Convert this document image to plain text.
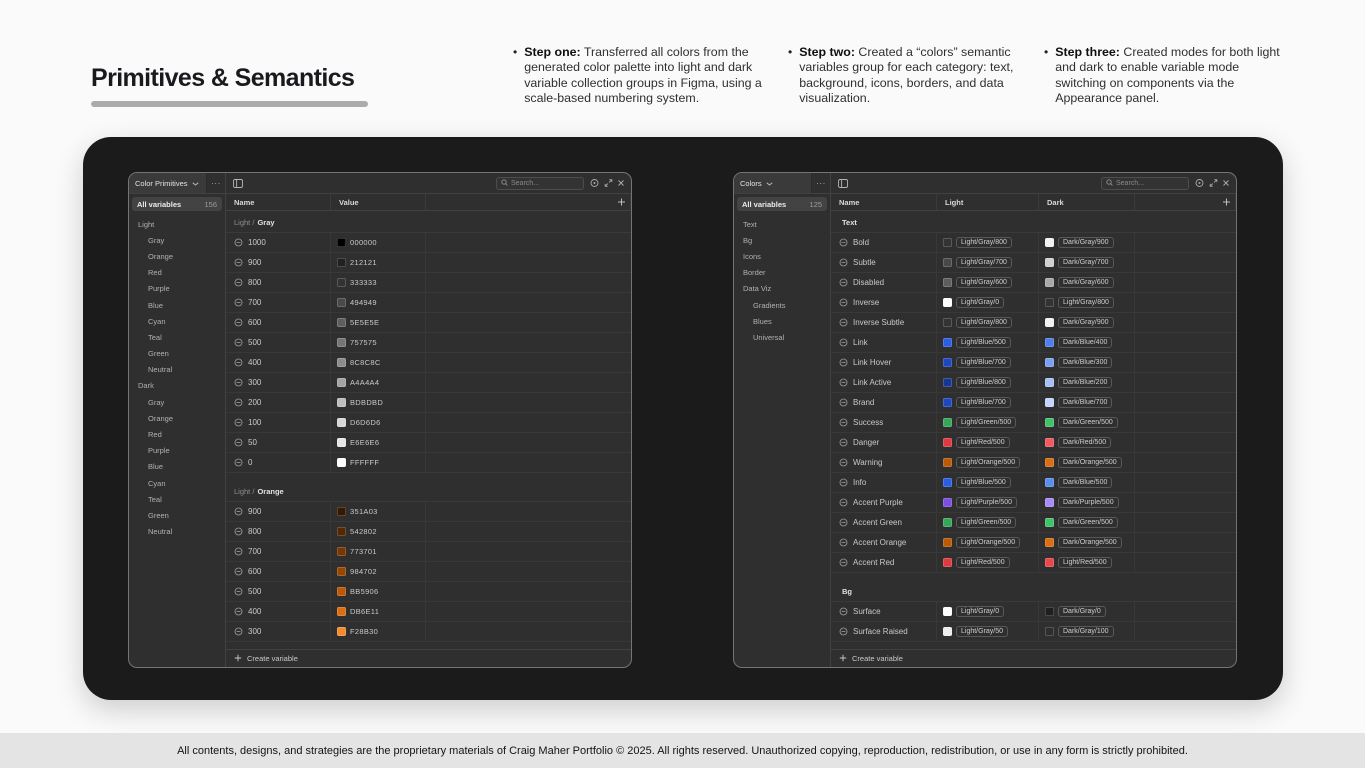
Primitives & Semantics
• Step one: Transferred all colors from the generated color palette into light and dark variable collection groups in Figma, using a scale-based numbering system.

• Step two: Created a “colors” semantic variables group for each category: text, background, icons, borders, and data visualization.

• Step three: Created modes for both light and dark to enable variable mode switching on components via the Appearance panel.

Color Primitives	···	Search...
All variables	156
Light
Gray
Orange
Red
Purple
Blue
Cyan
Teal
Green
Neutral
Dark
Gray
Orange
Red
Purple
Blue
Cyan
Teal
Green
Neutral
Name	Value
Light / Gray
1000	000000
900	212121
800	333333
700	494949
600	5E5E5E
500	757575
400	8C8C8C
300	A4A4A4
200	BDBDBD
100	D6D6D6
50	E6E6E6
0	FFFFFF
Light / Orange
900	351A03
800	542802
700	773701
600	984702
500	BB5906
400	DB6E11
300	F28B30
Create variable
Colors	···	Search...
All variables	125
Text
Bg
Icons
Border
Data Viz
Gradients
Blues
Universal
Name	Light	Dark
Text
Bold	Light/Gray/800	Dark/Gray/900
Subtle	Light/Gray/700	Dark/Gray/700
Disabled	Light/Gray/600	Dark/Gray/600
Inverse	Light/Gray/0	Light/Gray/800
Inverse Subtle	Light/Gray/800	Dark/Gray/900
Link	Light/Blue/500	Dark/Blue/400
Link Hover	Light/Blue/700	Dark/Blue/300
Link Active	Light/Blue/800	Dark/Blue/200
Brand	Light/Blue/700	Dark/Blue/700
Success	Light/Green/500	Dark/Green/500
Danger	Light/Red/500	Dark/Red/500
Warning	Light/Orange/500	Dark/Orange/500
Info	Light/Blue/500	Dark/Blue/500
Accent Purple	Light/Purple/500	Dark/Purple/500
Accent Green	Light/Green/500	Dark/Green/500
Accent Orange	Light/Orange/500	Dark/Orange/500
Accent Red	Light/Red/500	Light/Red/500
Bg
Surface	Light/Gray/0	Dark/Gray/0
Surface Raised	Light/Gray/50	Dark/Gray/100
Create variable

All contents, designs, and strategies are the proprietary materials of Craig Maher Portfolio © 2025. All rights reserved. Unauthorized copying, reproduction, redistribution, or use in any form is strictly prohibited.
